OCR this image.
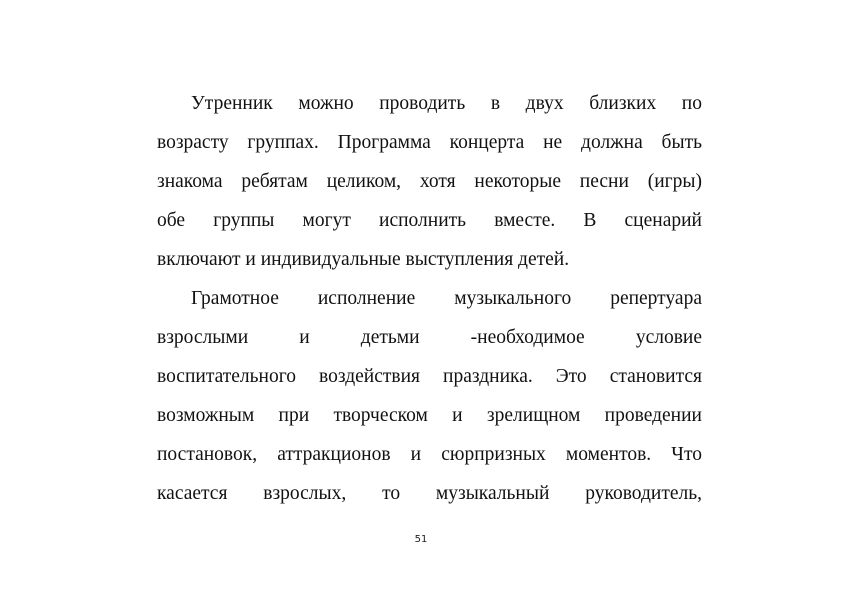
Утренник можно проводить в двух близких по
возрасту группах. Программа концерта не должна быть
знакома ребятам целиком, хотя некоторые песни (игры)
обе группы могут исполнить вместе. В сценарий
включают и индивидуальные выступления детей.
Грамотное исполнение музыкального репертуара
взрослыми и детьми -необходимое условие
воспитательного воздействия праздника. Это становится
возможным при творческом и зрелищном проведении
постановок, аттракционов и сюрпризных моментов. Что
касается взрослых, то музыкальный руководитель,
51
